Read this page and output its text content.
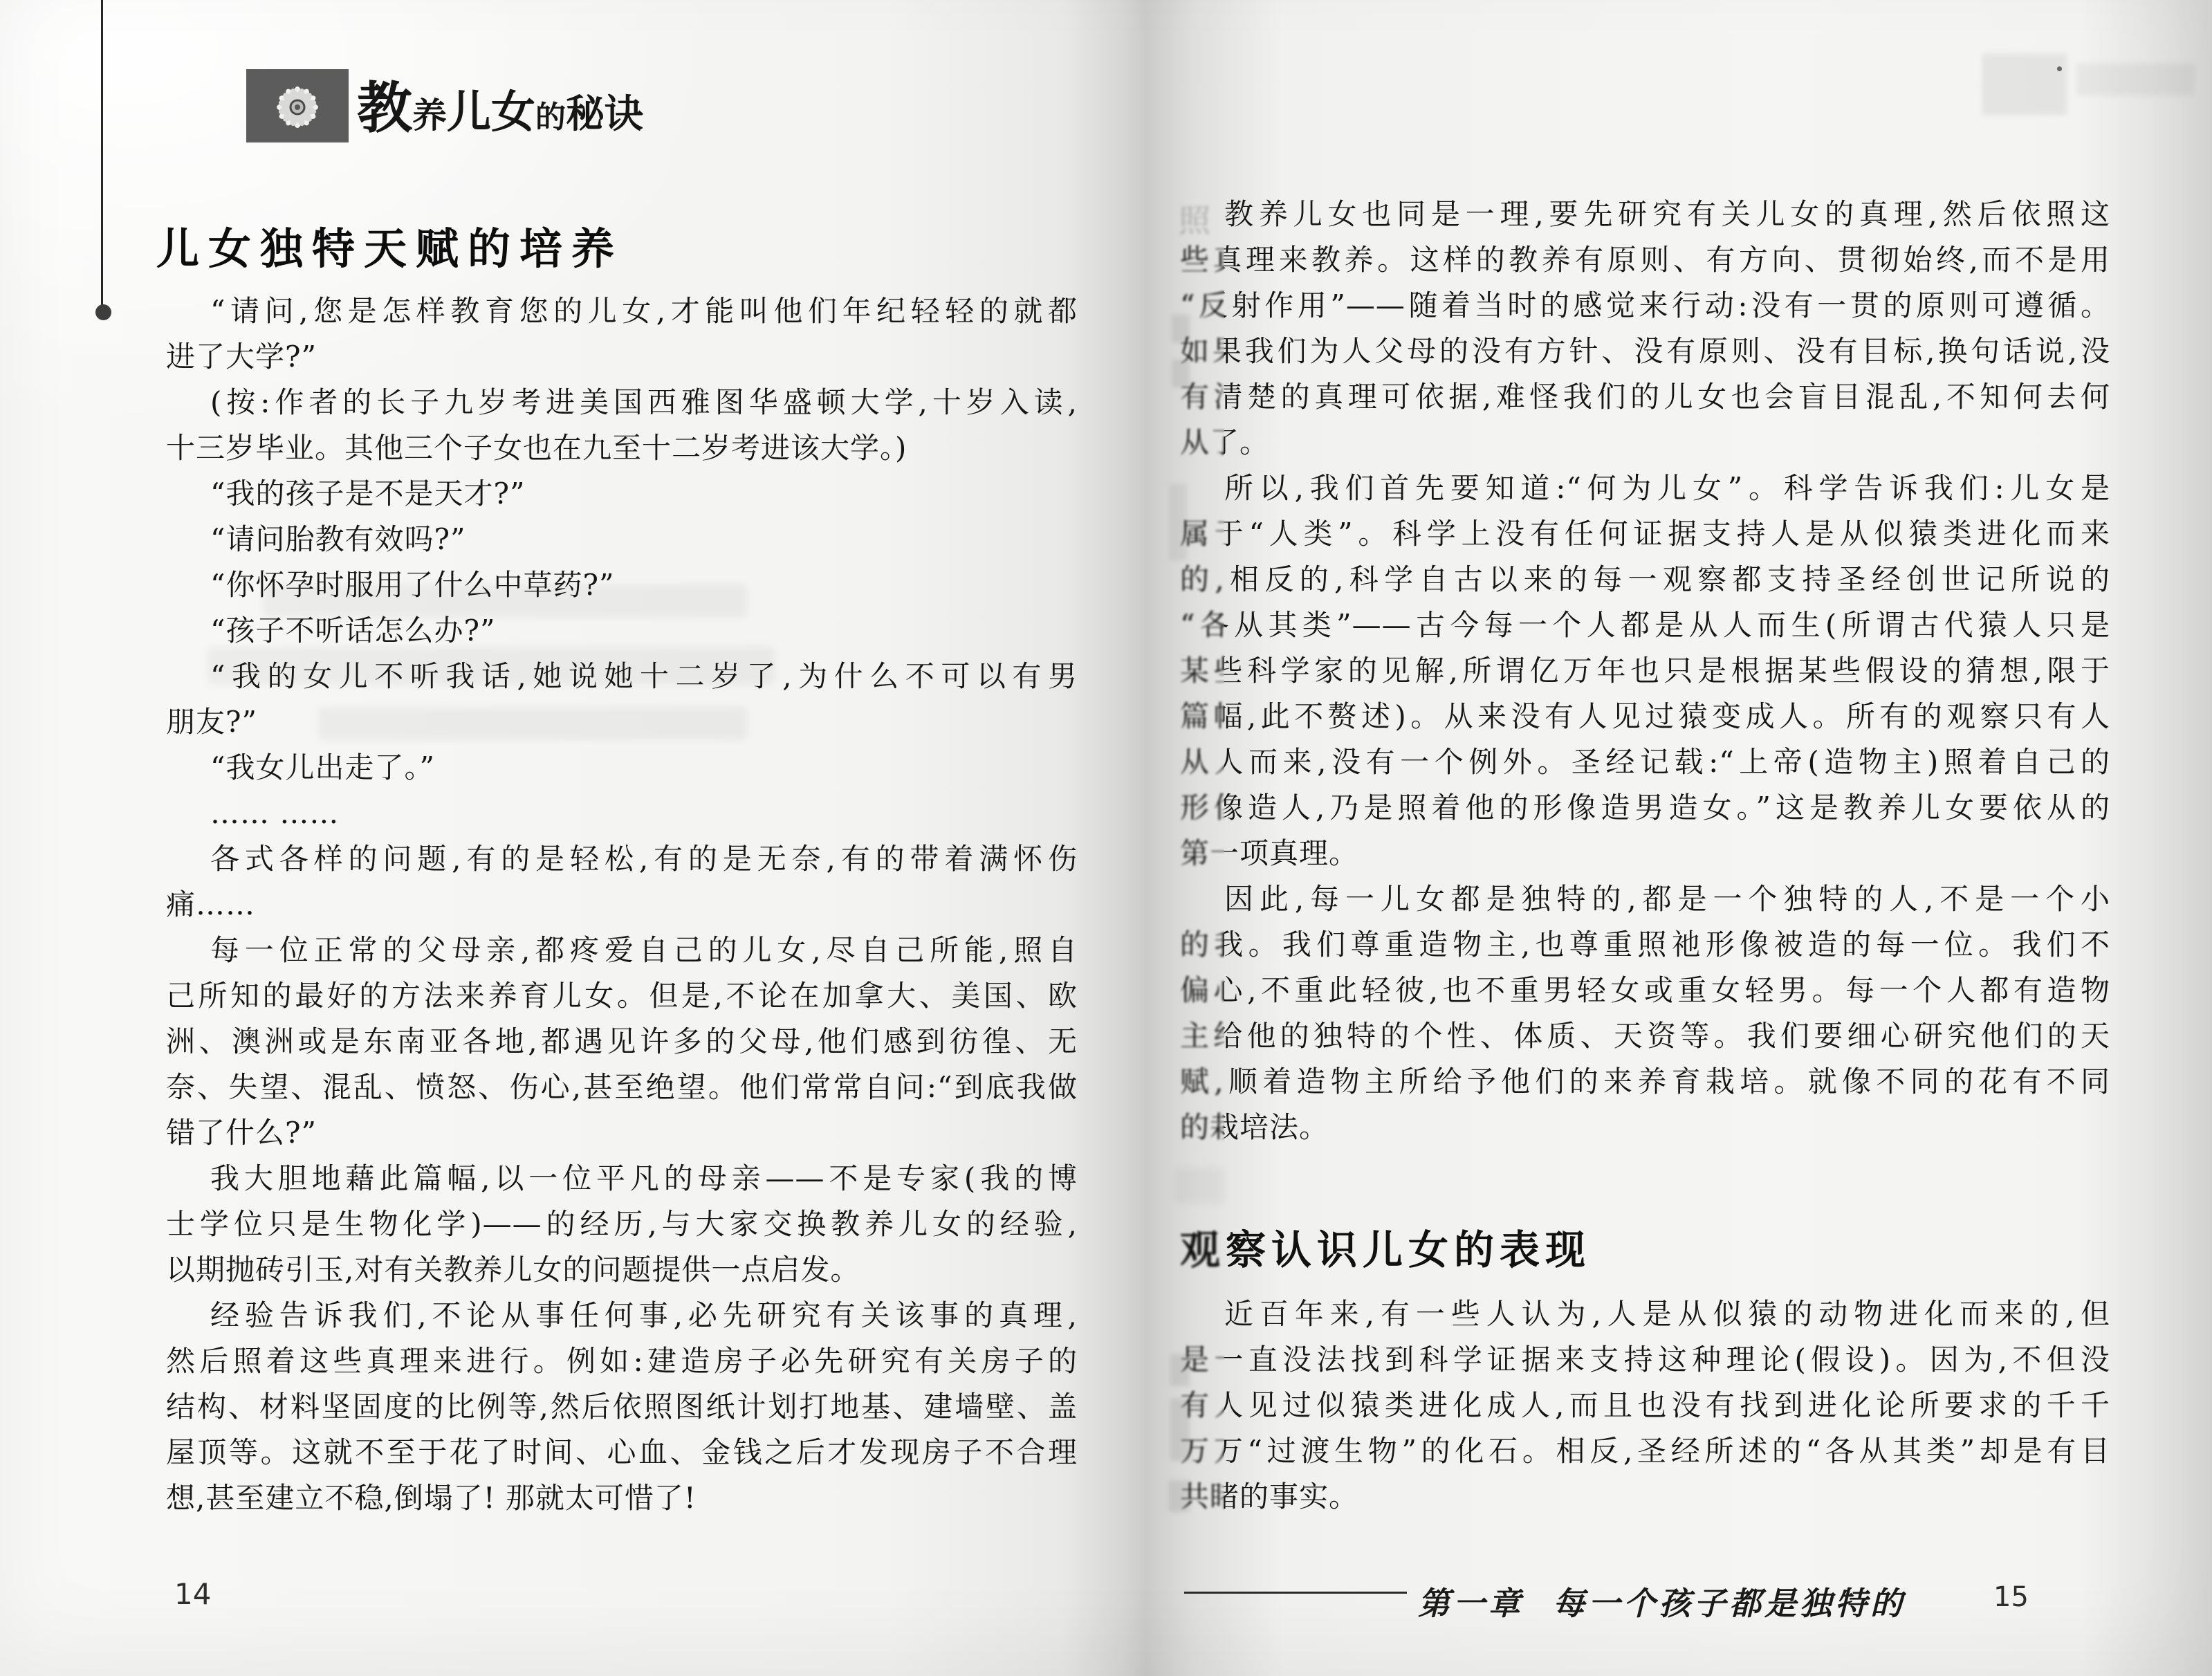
教 养 儿 女 的 秘 诀
儿女独特天赋的培养
“请问,您是怎样教育您的儿女,才能叫他们年纪轻轻的就都
进了大学?”
(按:作者的长子九岁考进美国西雅图华盛顿大学,十岁入读,
十三岁毕业。其他三个子女也在九至十二岁考进该大学。)
“我的孩子是不是天才?”
“请问胎教有效吗?”
“你怀孕时服用了什么中草药?”
“孩子不听话怎么办?”
“我的女儿不听我话,她说她十二岁了,为什么不可以有男
朋友?”
“我女儿出走了。”
…… ……
各式各样的问题,有的是轻松,有的是无奈,有的带着满怀伤
痛……
每一位正常的父母亲,都疼爱自己的儿女,尽自己所能,照自
己所知的最好的方法来养育儿女。但是,不论在加拿大、美国、欧
洲、澳洲或是东南亚各地,都遇见许多的父母,他们感到彷徨、无
奈、失望、混乱、愤怒、伤心,甚至绝望。他们常常自问:“到底我做
错了什么?”
我大胆地藉此篇幅,以一位平凡的母亲——不是专家(我的博
士学位只是生物化学)——的经历,与大家交换教养儿女的经验,
以期抛砖引玉,对有关教养儿女的问题提供一点启发。
经验告诉我们,不论从事任何事,必先研究有关该事的真理,
然后照着这些真理来进行。例如:建造房子必先研究有关房子的
结构、材料坚固度的比例等,然后依照图纸计划打地基、建墙壁、盖
屋顶等。这就不至于花了时间、心血、金钱之后才发现房子不合理
想,甚至建立不稳,倒塌了! 那就太可惜了!
14
照 教养儿女也同是一理,要先研究有关儿女的真理,然后依照这
些真理来教养。这样的教养有原则、有方向、贯彻始终,而不是用
“反射作用”——随着当时的感觉来行动:没有一贯的原则可遵循。
如果我们为人父母的没有方针、没有原则、没有目标,换句话说,没
有清楚的真理可依据,难怪我们的儿女也会盲目混乱,不知何去何
从了。
所以,我们首先要知道:“何为儿女”。科学告诉我们:儿女是
属于“人类”。科学上没有任何证据支持人是从似猿类进化而来
的,相反的,科学自古以来的每一观察都支持圣经创世记所说的
“各从其类”——古今每一个人都是从人而生(所谓古代猿人只是
某些科学家的见解,所谓亿万年也只是根据某些假设的猜想,限于
篇幅,此不赘述)。从来没有人见过猿变成人。所有的观察只有人
从人而来,没有一个例外。圣经记载:“上帝(造物主)照着自己的
形像造人,乃是照着他的形像造男造女。”这是教养儿女要依从的
第一项真理。
因此,每一儿女都是独特的,都是一个独特的人,不是一个小
的我。我们尊重造物主,也尊重照祂形像被造的每一位。我们不
偏心,不重此轻彼,也不重男轻女或重女轻男。每一个人都有造物
主给他的独特的个性、体质、天资等。我们要细心研究他们的天
赋,顺着造物主所给予他们的来养育栽培。就像不同的花有不同
的栽培法。
观察认识儿女的表现
近百年来,有一些人认为,人是从似猿的动物进化而来的,但
是一直没法找到科学证据来支持这种理论(假设)。因为,不但没
有人见过似猿类进化成人,而且也没有找到进化论所要求的千千
万万“过渡生物”的化石。相反,圣经所述的“各从其类”却是有目
共睹的事实。
第一章 每一个孩子都是独特的	15
